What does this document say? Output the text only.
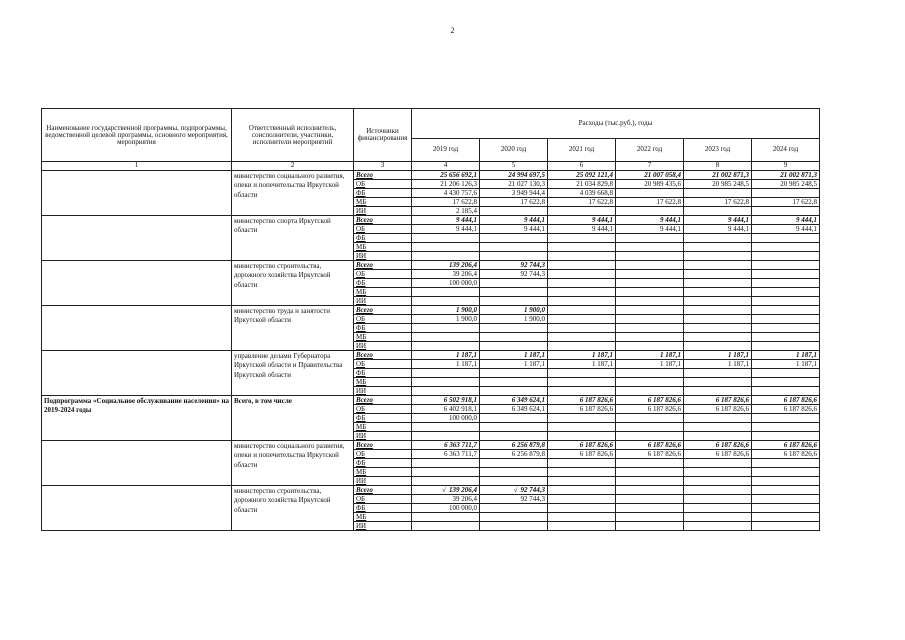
2
Наименование государственной программы, подпрограммы, ведомственной целевой программы, основного мероприятия, мероприятия	Ответственный исполнитель, соисполнители, участники, исполнители мероприятий	Источники финансирования	Расходы (тыс.руб.), годы					
			2019 год	2020 год	2021 год	2022 год	2023 год	2024 год
1	2	3	4	5	6	7	8	9
	министерство социального развития, опеки и попечительства Иркутской области	Всего	25 656 692,1	24 994 697,5	25 092 121,4	21 007 058,4	21 002 871,3	21 002 871,3
		ОБ	21 206 126,3	21 027 130,3	21 034 829,8	20 989 435,6	20 985 248,5	20 985 248,5
		ФБ	4 430 757,6	3 949 944,4	4 039 668,8			
		МБ	17 622,8	17 622,8	17 622,8	17 622,8	17 622,8	17 622,8
		ИИ	2 185,4					
	министерство спорта Иркутской области	Всего	9 444,1	9 444,1	9 444,1	9 444,1	9 444,1	9 444,1
		ОБ	9 444,1	9 444,1	9 444,1	9 444,1	9 444,1	9 444,1
		ФБ						
		МБ						
		ИИ						
	министерство строительства, дорожного хозяйства Иркутской области	Всего	139 206,4	92 744,3				
		ОБ	39 206,4	92 744,3				
		ФБ	100 000,0					
		МБ						
		ИИ						
	министерство труда и занятости Иркутской области	Всего	1 900,0	1 900,0				
		ОБ	1 900,0	1 900,0				
		ФБ						
		МБ						
		ИИ						
	управление делами Губернатора Иркутской области и Правительства Иркутской области	Всего	1 187,1	1 187,1	1 187,1	1 187,1	1 187,1	1 187,1
		ОБ	1 187,1	1 187,1	1 187,1	1 187,1	1 187,1	1 187,1
		ФБ						
		МБ						
		ИИ						
Подпрограмма «Социальное обслуживание населения» на 2019-2024 годы	Всего, в том числе	Всего	6 502 918,1	6 349 624,1	6 187 826,6	6 187 826,6	6 187 826,6	6 187 826,6
		ОБ	6 402 918,1	6 349 624,1	6 187 826,6	6 187 826,6	6 187 826,6	6 187 826,6
		ФБ	100 000,0					
		МБ						
		ИИ						
	министерство социального развития, опеки и попечительства Иркутской области	Всего	6 363 711,7	6 256 879,8	6 187 826,6	6 187 826,6	6 187 826,6	6 187 826,6
		ОБ	6 363 711,7	6 256 879,8	6 187 826,6	6 187 826,6	6 187 826,6	6 187 826,6
		ФБ						
		МБ						
		ИИ						
	министерство строительства, дорожного хозяйства Иркутской области	Всего	√ 139 206,4	√ 92 744,3				
		ОБ	39 206,4	92 744,3				
		ФБ	100 000,0					
		МБ						
		ИИ						
